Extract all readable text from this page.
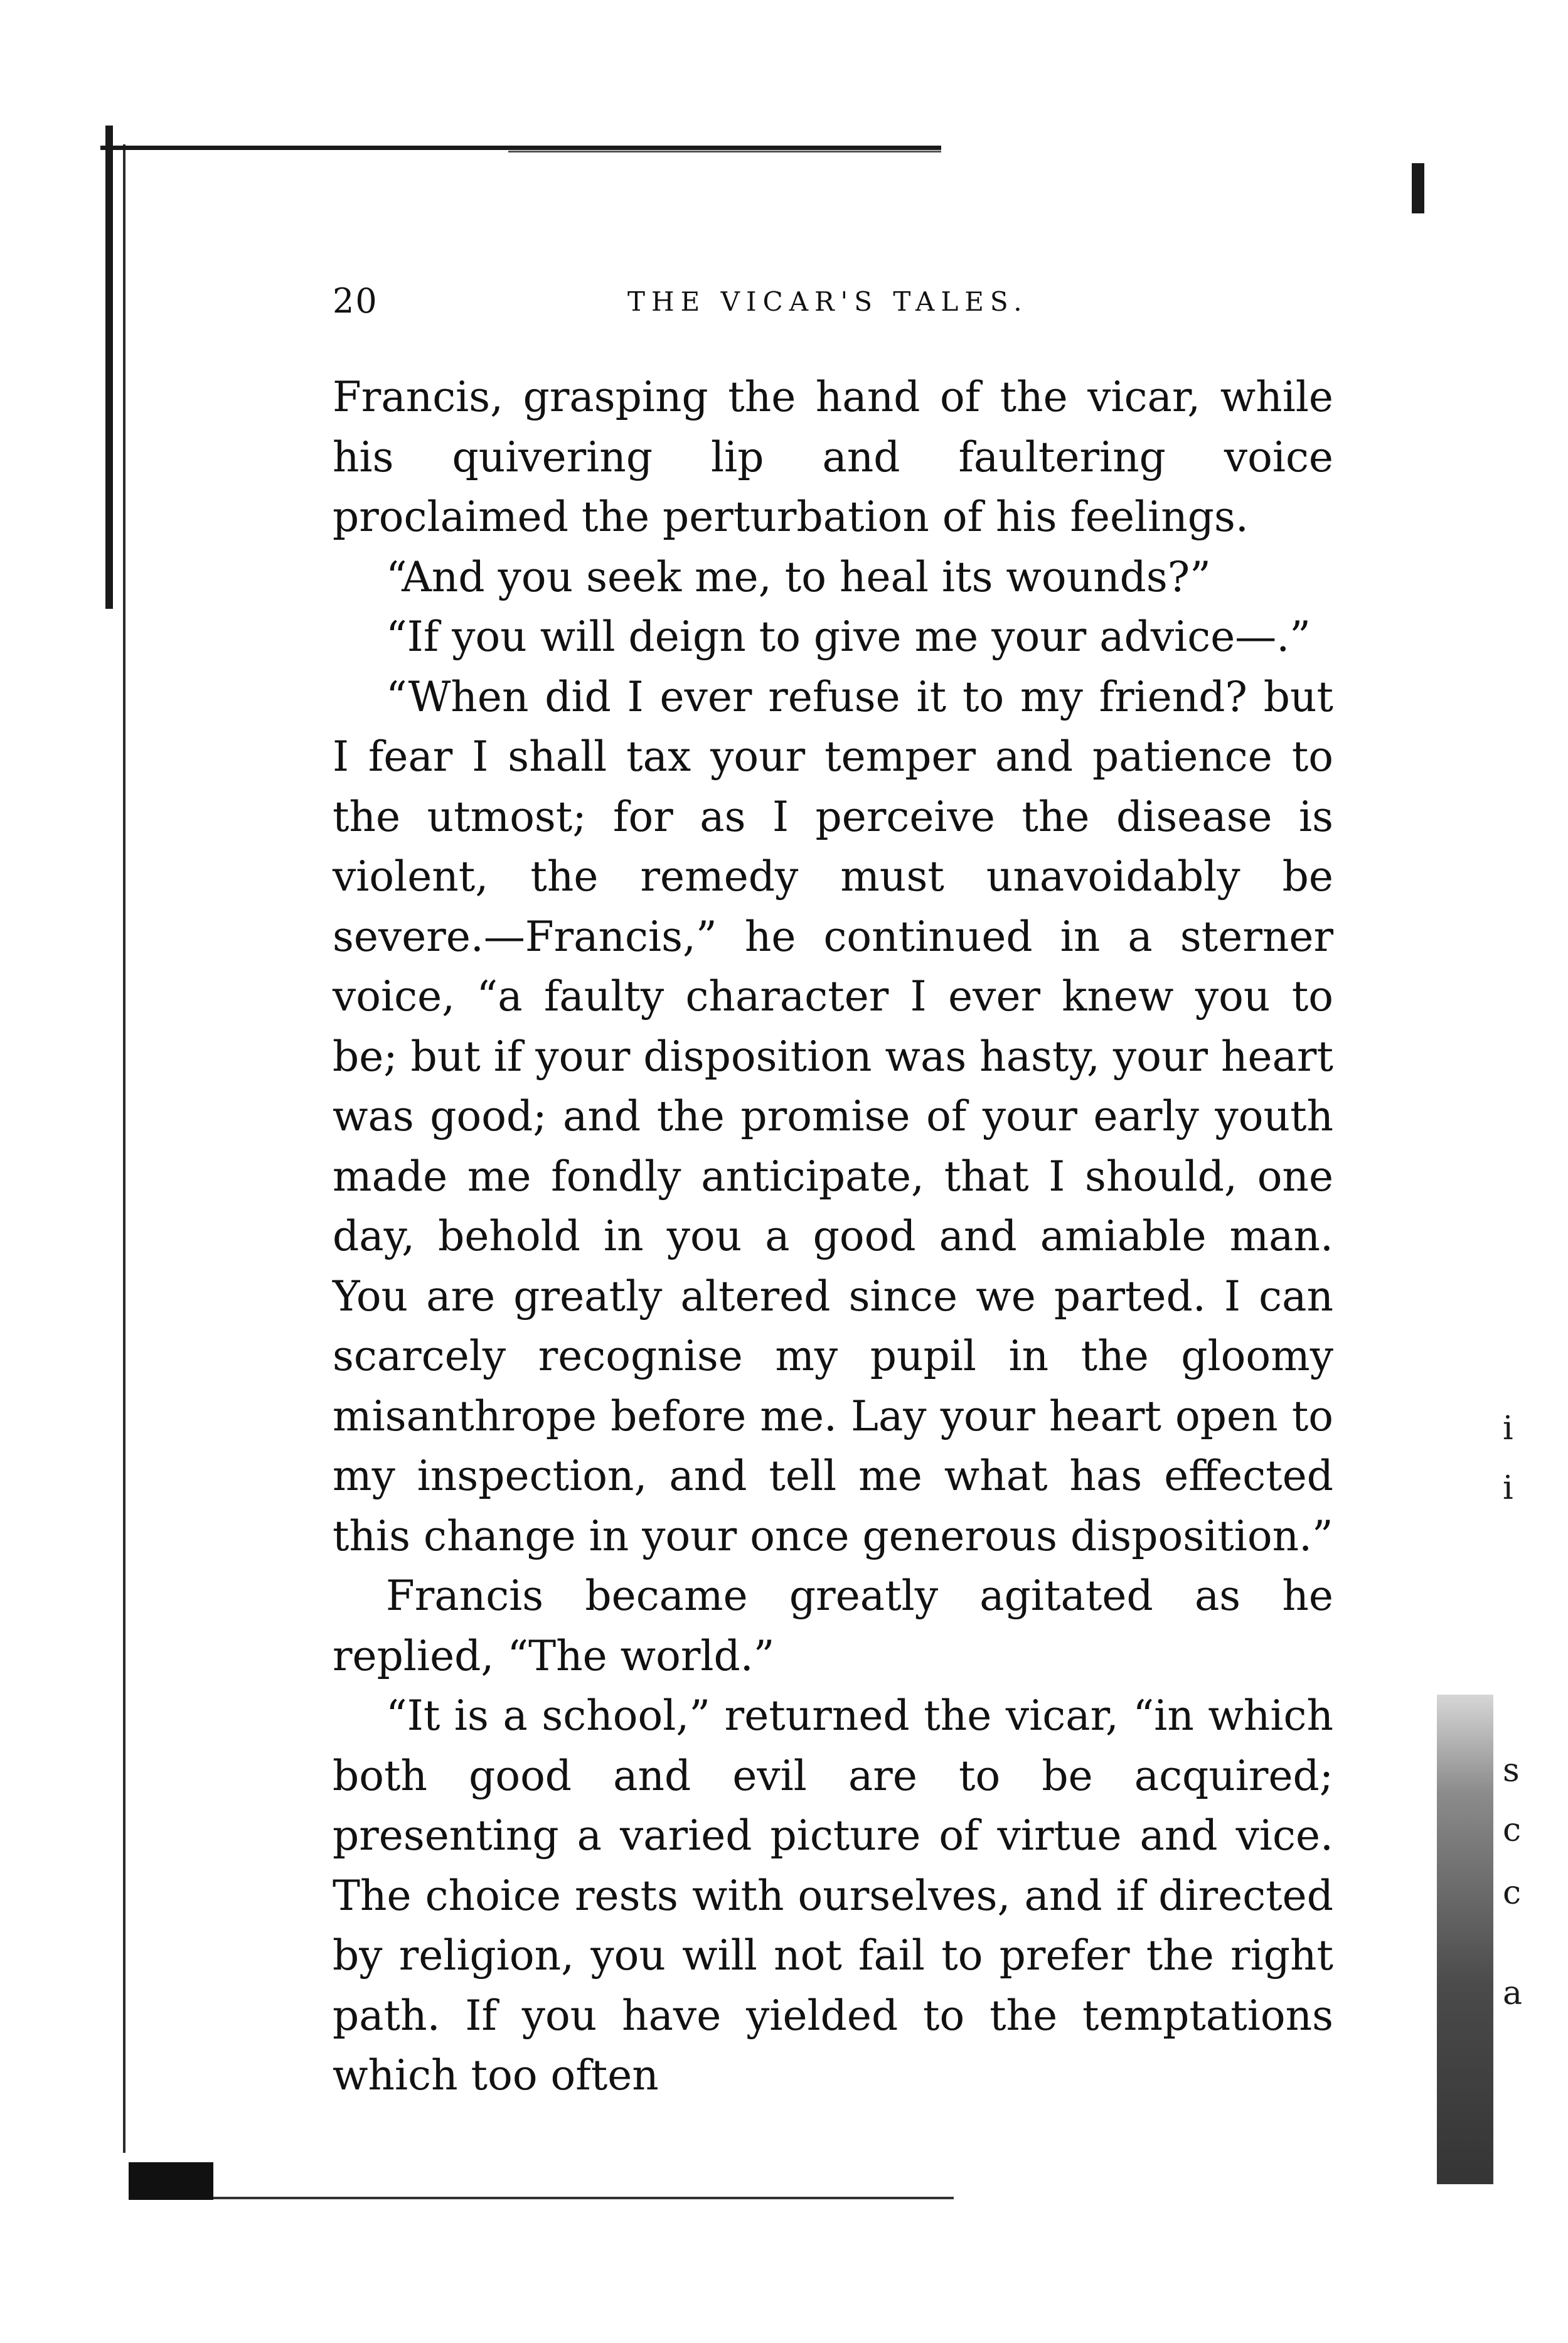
i
i
s
c
c
a
20	THE VICAR'S TALES.

Francis, grasping the hand of the vicar, while his quivering lip and faultering voice proclaimed the perturbation of his feelings.

“And you seek me, to heal its wounds?”

“If you will deign to give me your advice—.”

“When did I ever refuse it to my friend? but I fear I shall tax your temper and patience to the utmost; for as I perceive the disease is violent, the remedy must unavoidably be severe.—Francis,” he continued in a sterner voice, “a faulty character I ever knew you to be; but if your disposition was hasty, your heart was good; and the promise of your early youth made me fondly anticipate, that I should, one day, behold in you a good and amiable man. You are greatly altered since we parted. I can scarcely recognise my pupil in the gloomy misanthrope before me. Lay your heart open to my inspection, and tell me what has effected this change in your once generous disposition.”

Francis became greatly agitated as he replied, “The world.”

“It is a school,” returned the vicar, “in which both good and evil are to be acquired; presenting a varied picture of virtue and vice. The choice rests with ourselves, and if directed by religion, you will not fail to prefer the right path. If you have yielded to the temptations which too often
